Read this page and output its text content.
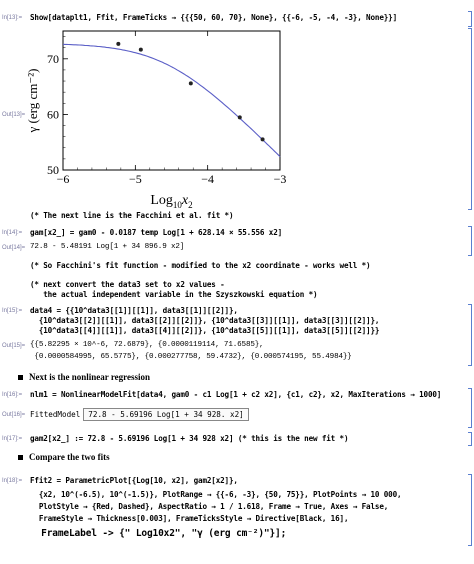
In[13]:= Show[dataplt1, Ffit, FrameTicks → {{{50, 60, 70}, None}, {{-6, -5, -4, -3}, None}}]
Out[13]=
−6	−5	−4	−3
50
60
70
$Log_{10}x_2$
γ (erg cm⁻²)
(* The next line is the Facchini et al. fit *)
In[14]:= gam[x2_] = gam0 - 0.0187 temp Log[1 + 628.14 × 55.556 x2]
Out[14]= 72.8 - 5.48191 Log[1 + 34 896.9 x2]
(* So Facchini's fit function - modified to the x2 coordinate - works well *)
(* next convert the data3 set to x2 values -
the actual independent variable in the Szyszkowski equation *)
In[15]:= data4 = {{10^data3[[1]][[1]], data3[[1]][[2]]},
{10^data3[[2]][[1]], data3[[2]][[2]]}, {10^data3[[3]][[1]], data3[[3]][[2]]},
{10^data3[[4]][[1]], data3[[4]][[2]]}, {10^data3[[5]][[1]], data3[[5]][[2]]}}
Out[15]= {{5.82295 × 10^-6, 72.6879}, {0.0000119114, 71.6585},
{0.0000584995, 65.5775}, {0.000277758, 59.4732}, {0.000574195, 55.4984}}
Next is the nonlinear regression
In[16]:= nlm1 = NonlinearModelFit[data4, gam0 - c1 Log[1 + c2 x2], {c1, c2}, x2, MaxIterations → 1000]
Out[16]= FittedModel 72.8 - 5.69196 Log[1 + 34 928. x2]
In[17]:= gam2[x2_] := 72.8 - 5.69196 Log[1 + 34 928 x2] (* this is the new fit *)
Compare the two fits
In[18]:= Ffit2 = ParametricPlot[{Log[10, x2], gam2[x2]},
{x2, 10^(-6.5), 10^(-1.5)}, PlotRange → {{-6, -3}, {50, 75}}, PlotPoints → 10 000,
PlotStyle → {Red, Dashed}, AspectRatio → 1 / 1.618, Frame → True, Axes → False,
FrameStyle → Thickness[0.003], FrameTicksStyle → Directive[Black, 16],
FrameLabel -> {" Log10x2", "γ (erg cm⁻²)"}];
